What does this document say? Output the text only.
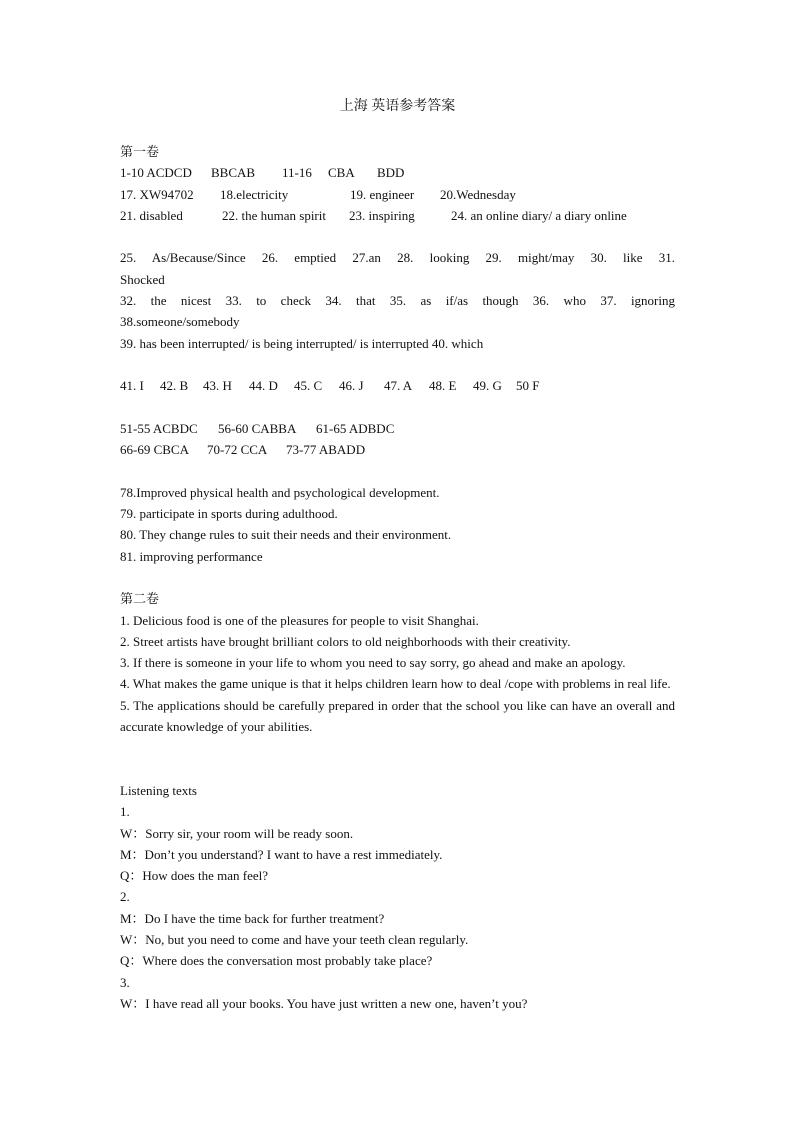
上海 英语参考答案
第一卷
1-10 ACDCD BBCAB 11-16 CBA BDD
17. XW94702 18.electricity	19. engineer 20.Wednesday
21. disabled	22. the human spirit 23. inspiring	24. an online diary/ a diary online
25. As/Because/Since 26. emptied 27.an 28. looking 29. might/may 30. like 31.
Shocked
32. the nicest 33. to check 34. that 35. as if/as though 36. who 37. ignoring
38.someone/somebody
39. has been interrupted/ is being interrupted/ is interrupted 40. which
41. I 42. B 43. H 44. D 45. C 46. J 47. A 48. E 49. G 50 F
51-55 ACBDC 56-60 CABBA 61-65 ADBDC
66-69 CBCA 70-72 CCA 73-77 ABADD
78.Improved physical health and psychological development.
79. participate in sports during adulthood.
80. They change rules to suit their needs and their environment.
81. improving performance
第二卷
1. Delicious food is one of the pleasures for people to visit Shanghai.
2. Street artists have brought brilliant colors to old neighborhoods with their creativity.
3. If there is someone in your life to whom you need to say sorry, go ahead and make an apology.
4. What makes the game unique is that it helps children learn how to deal /cope with problems in real life.
5. The applications should be carefully prepared in order that the school you like can have an overall and accurate knowledge of your abilities.
Listening texts
1.
W：Sorry sir, your room will be ready soon.
M：Don’t you understand? I want to have a rest immediately.
Q：How does the man feel?
2.
M：Do I have the time back for further treatment?
W：No, but you need to come and have your teeth clean regularly.
Q：Where does the conversation most probably take place?
3.
W：I have read all your books. You have just written a new one, haven’t you?
